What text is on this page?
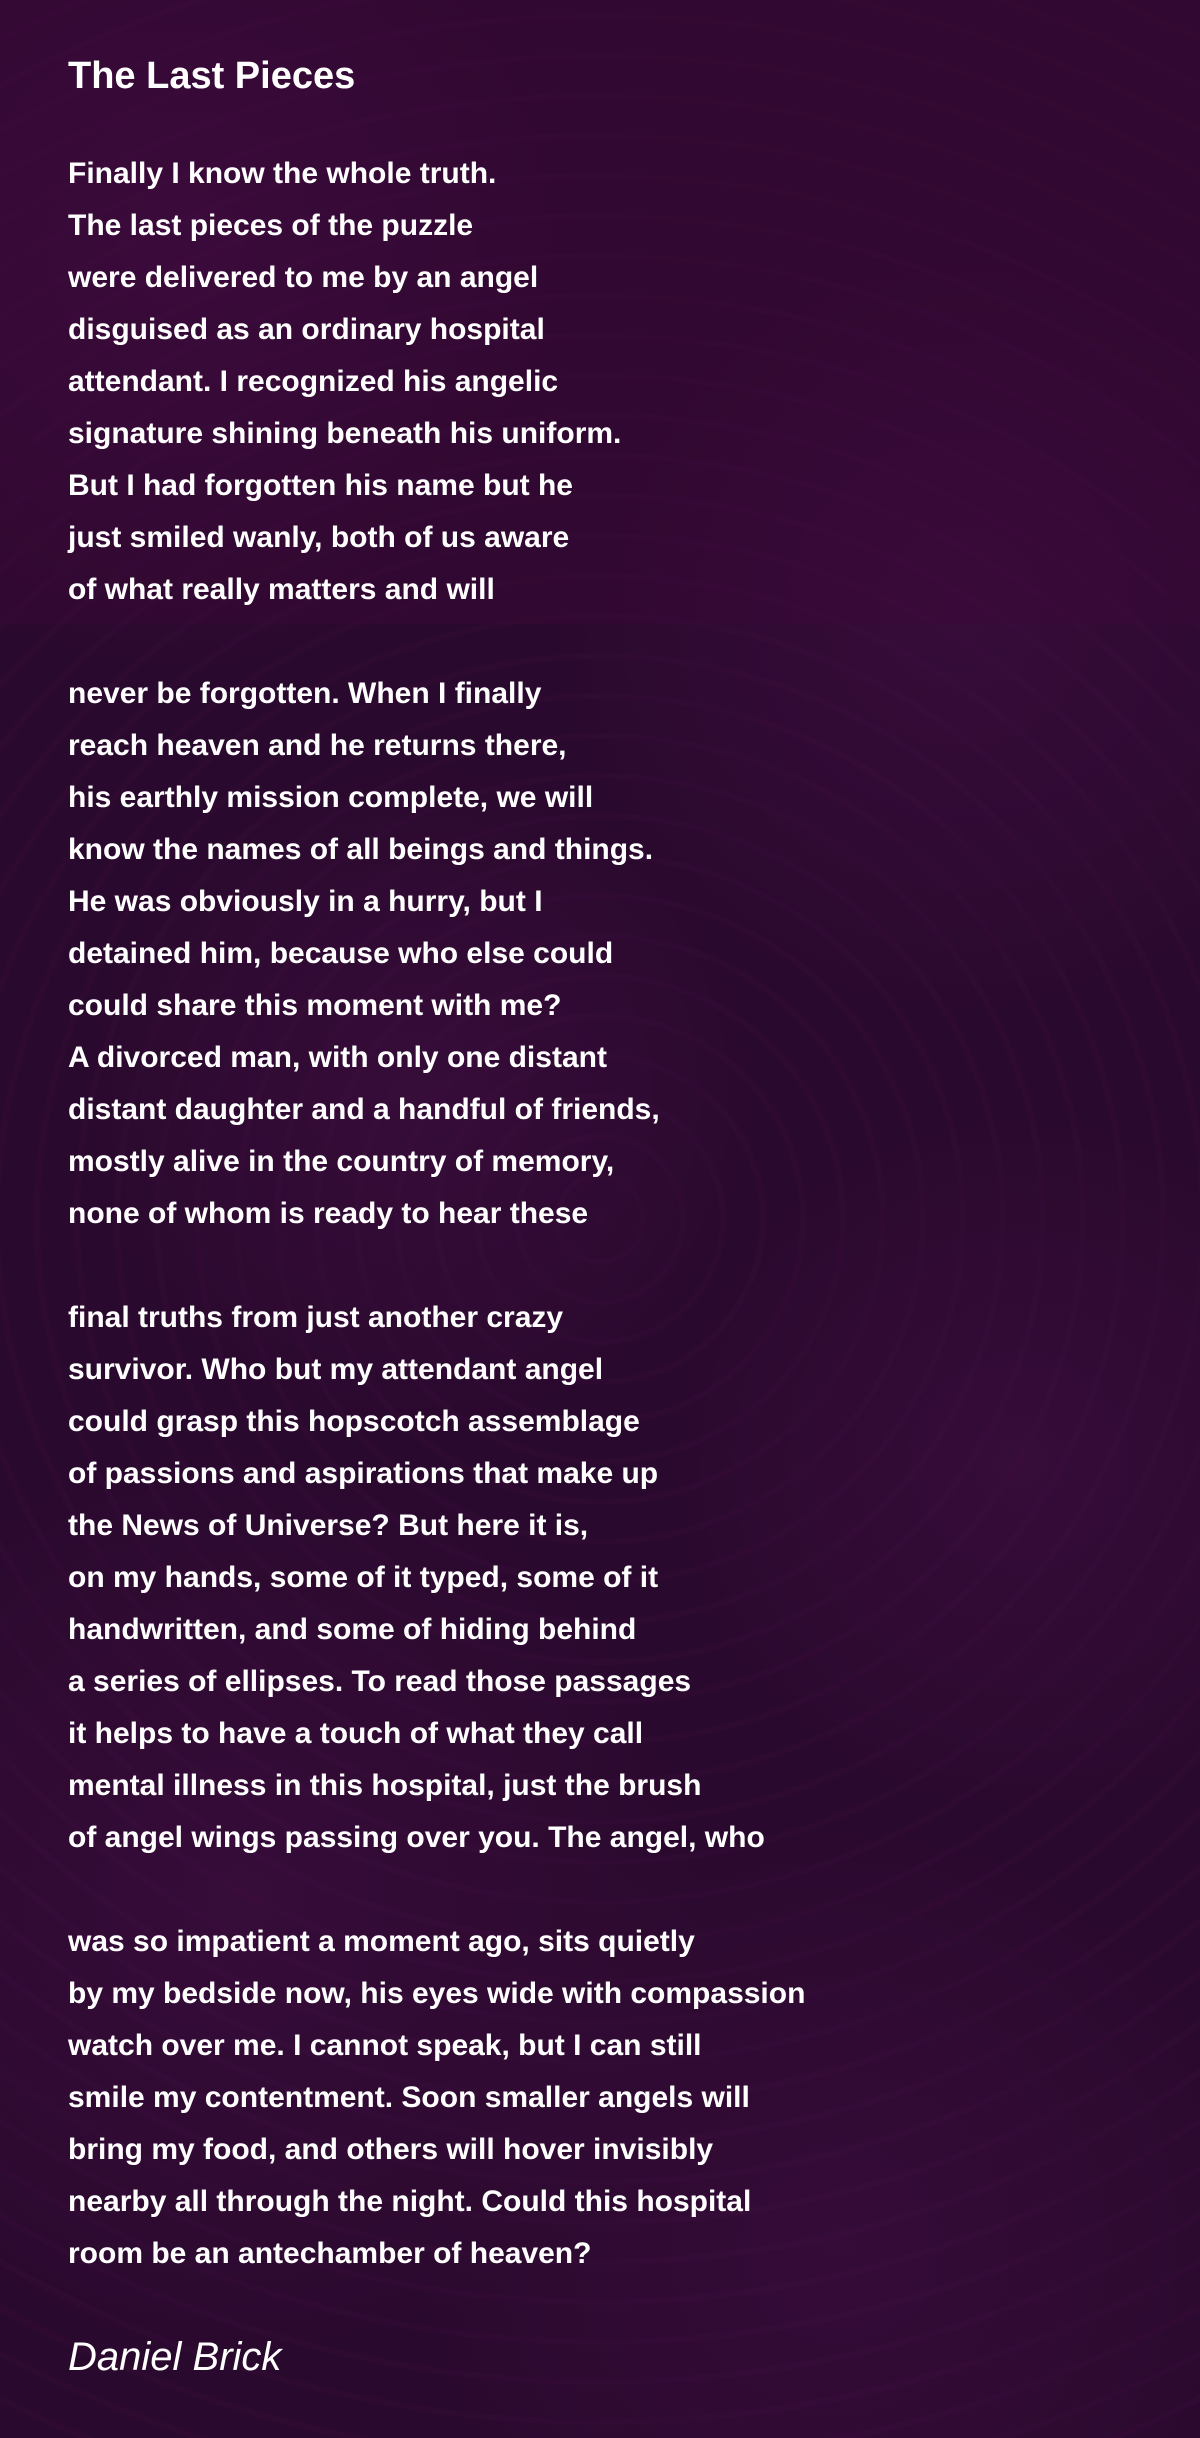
The Last Pieces

Finally I know the whole truth.
The last pieces of the puzzle
were delivered to me by an angel
disguised as an ordinary hospital
attendant. I recognized his angelic
signature shining beneath his uniform.
But I had forgotten his name but he
just smiled wanly, both of us aware
of what really matters and will

never be forgotten. When I finally
reach heaven and he returns there,
his earthly mission complete, we will
know the names of all beings and things.
He was obviously in a hurry, but I
detained him, because who else could
could share this moment with me?
A divorced man, with only one distant
distant daughter and a handful of friends,
mostly alive in the country of memory,
none of whom is ready to hear these

final truths from just another crazy
survivor. Who but my attendant angel
could grasp this hopscotch assemblage
of passions and aspirations that make up
the News of Universe? But here it is,
on my hands, some of it typed, some of it
handwritten, and some of hiding behind
a series of ellipses. To read those passages
it helps to have a touch of what they call
mental illness in this hospital, just the brush
of angel wings passing over you. The angel, who

was so impatient a moment ago, sits quietly
by my bedside now, his eyes wide with compassion
watch over me. I cannot speak, but I can still
smile my contentment. Soon smaller angels will
bring my food, and others will hover invisibly
nearby all through the night. Could this hospital
room be an antechamber of heaven?

Daniel Brick
